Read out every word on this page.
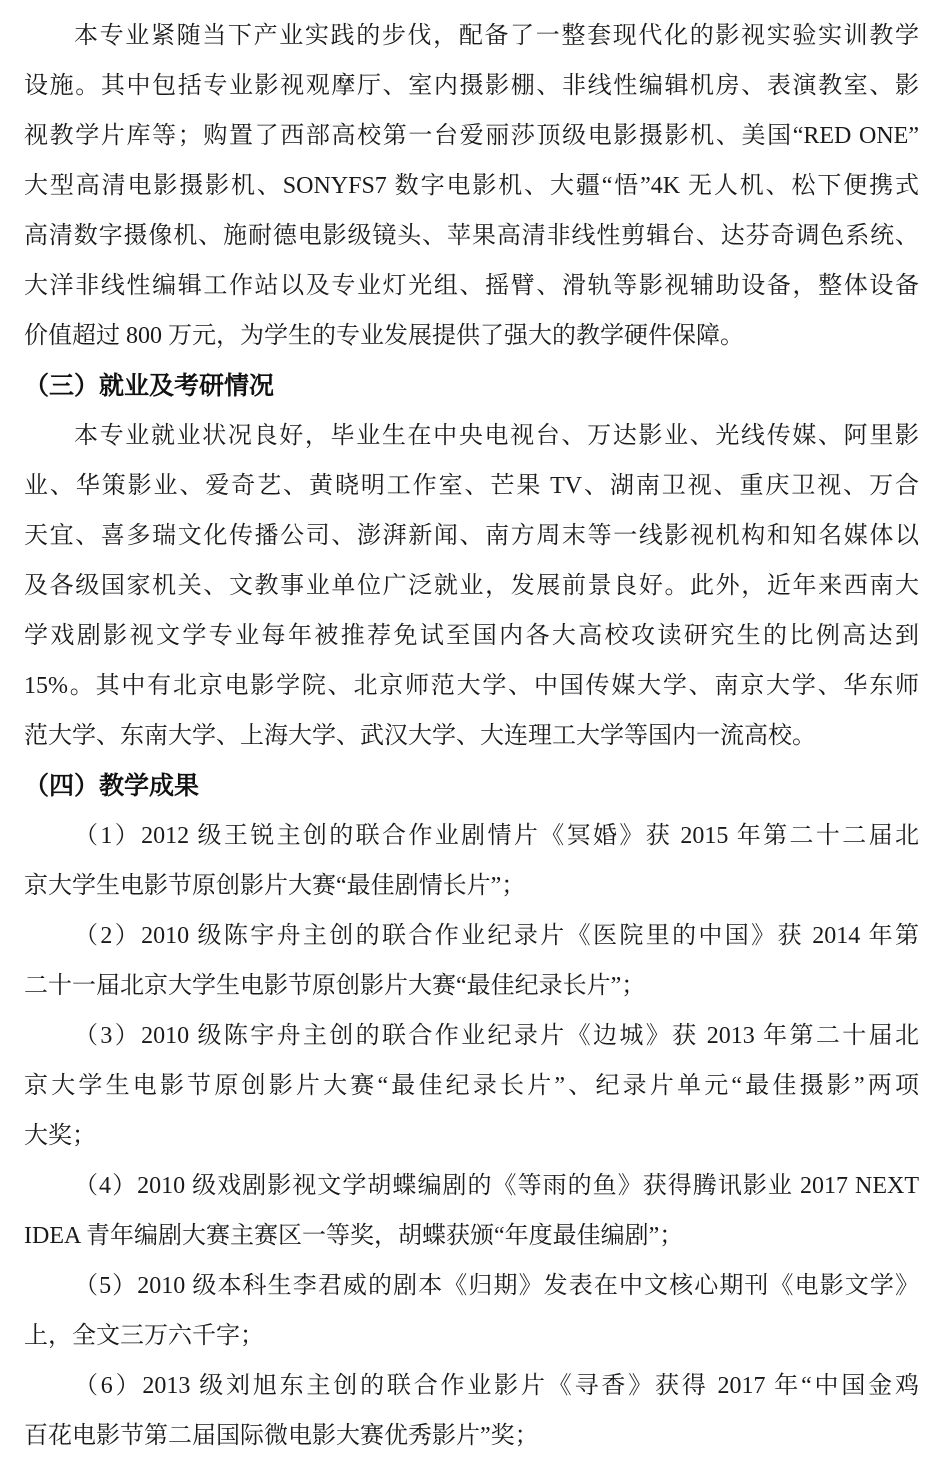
本专业紧随当下产业实践的步伐，配备了一整套现代化的影视实验实训教学
设施。其中包括专业影视观摩厅、室内摄影棚、非线性编辑机房、表演教室、影
视教学片库等；购置了西部高校第一台爱丽莎顶级电影摄影机、美国“RED ONE”
大型高清电影摄影机、SONYFS7 数字电影机、大疆“悟”4K 无人机、松下便携式
高清数字摄像机、施耐德电影级镜头、苹果高清非线性剪辑台、达芬奇调色系统、
大洋非线性编辑工作站以及专业灯光组、摇臂、滑轨等影视辅助设备，整体设备
价值超过 800 万元，为学生的专业发展提供了强大的教学硬件保障。
（三）就业及考研情况
本专业就业状况良好，毕业生在中央电视台、万达影业、光线传媒、阿里影
业、华策影业、爱奇艺、黄晓明工作室、芒果 TV、湖南卫视、重庆卫视、万合
天宜、喜多瑞文化传播公司、澎湃新闻、南方周末等一线影视机构和知名媒体以
及各级国家机关、文教事业单位广泛就业，发展前景良好。此外，近年来西南大
学戏剧影视文学专业每年被推荐免试至国内各大高校攻读研究生的比例高达到
15%。其中有北京电影学院、北京师范大学、中国传媒大学、南京大学、华东师
范大学、东南大学、上海大学、武汉大学、大连理工大学等国内一流高校。
（四）教学成果
（1）2012 级王锐主创的联合作业剧情片《冥婚》获 2015 年第二十二届北
京大学生电影节原创影片大赛“最佳剧情长片”；
（2）2010 级陈宇舟主创的联合作业纪录片《医院里的中国》获 2014 年第
二十一届北京大学生电影节原创影片大赛“最佳纪录长片”；
（3）2010 级陈宇舟主创的联合作业纪录片《边城》获 2013 年第二十届北
京大学生电影节原创影片大赛“最佳纪录长片”、纪录片单元“最佳摄影”两项
大奖；
（4）2010 级戏剧影视文学胡蝶编剧的《等雨的鱼》获得腾讯影业 2017 NEXT
IDEA 青年编剧大赛主赛区一等奖，胡蝶获颁“年度最佳编剧”；
（5）2010 级本科生李君威的剧本《归期》发表在中文核心期刊《电影文学》
上，全文三万六千字；
（6）2013 级刘旭东主创的联合作业影片《寻香》获得 2017 年“中国金鸡
百花电影节第二届国际微电影大赛优秀影片”奖；
